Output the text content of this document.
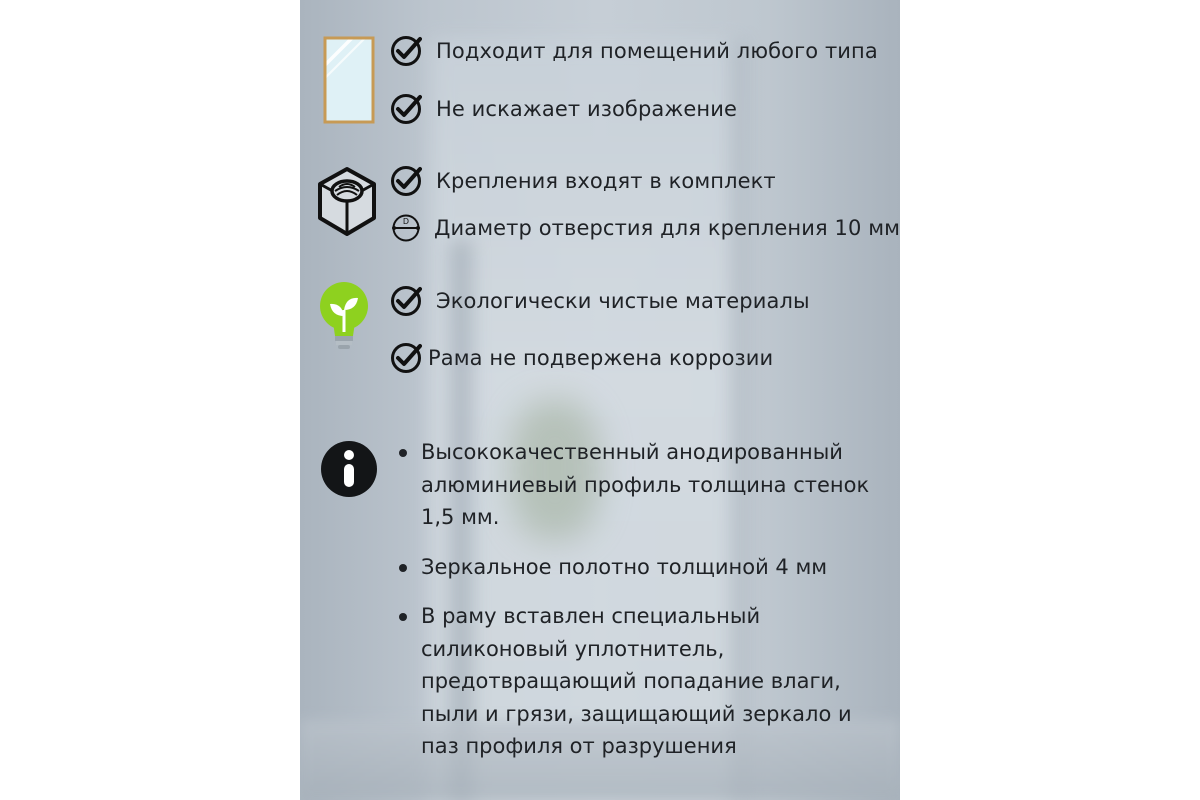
Подходит для помещений любого типа
Не искажает изображение
Крепления входят в комплект
D Диаметр отверстия для крепления 10 мм
Экологически чистые материалы
Рама не подвержена коррозии
Высококачественный анодированный алюминиевый профиль толщина стенок 1,5 мм.
Зеркальное полотно толщиной 4 мм
В раму вставлен специальный силиконовый уплотнитель, предотвращающий попадание влаги, пыли и грязи, защищающий зеркало и паз профиля от разрушения
